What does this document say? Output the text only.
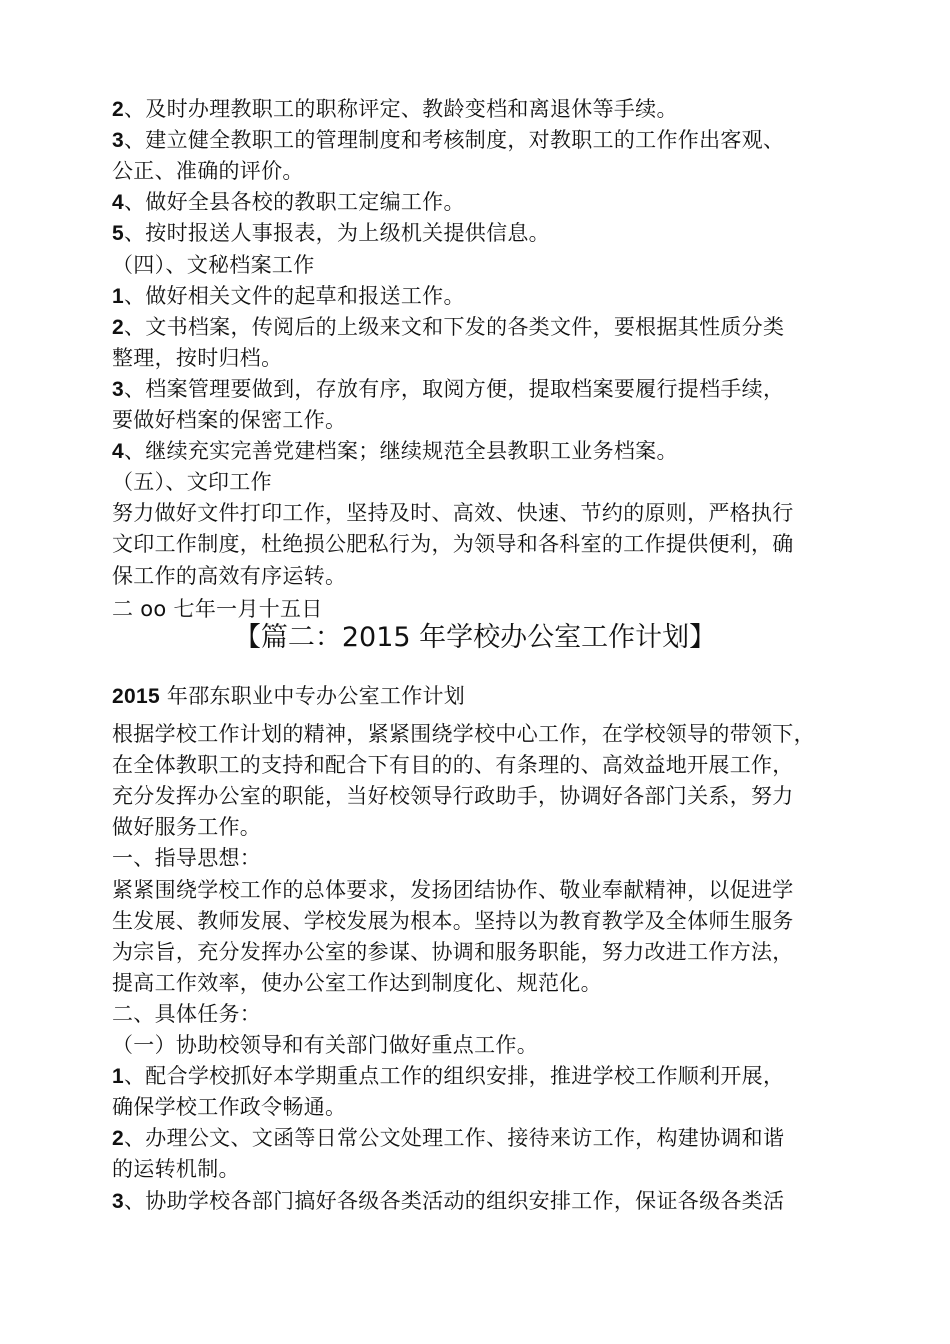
2、及时办理教职工的职称评定、教龄变档和离退休等手续。
3、建立健全教职工的管理制度和考核制度，对教职工的工作作出客观、
公正、准确的评价。
4、做好全县各校的教职工定编工作。
5、按时报送人事报表，为上级机关提供信息。
（四）、文秘档案工作
1、做好相关文件的起草和报送工作。
2、文书档案，传阅后的上级来文和下发的各类文件，要根据其性质分类
整理，按时归档。
3、档案管理要做到，存放有序，取阅方便，提取档案要履行提档手续，
要做好档案的保密工作。
4、继续充实完善党建档案；继续规范全县教职工业务档案。
（五）、文印工作
努力做好文件打印工作，坚持及时、高效、快速、节约的原则，严格执行
文印工作制度，杜绝损公肥私行为，为领导和各科室的工作提供便利，确
保工作的高效有序运转。
二 oo 七年一月十五日
【篇二：2015 年学校办公室工作计划】
2015 年邵东职业中专办公室工作计划
根据学校工作计划的精神，紧紧围绕学校中心工作，在学校领导的带领下，
在全体教职工的支持和配合下有目的的、有条理的、高效益地开展工作，
充分发挥办公室的职能，当好校领导行政助手，协调好各部门关系，努力
做好服务工作。
一、指导思想：
紧紧围绕学校工作的总体要求，发扬团结协作、敬业奉献精神，以促进学
生发展、教师发展、学校发展为根本。坚持以为教育教学及全体师生服务
为宗旨，充分发挥办公室的参谋、协调和服务职能，努力改进工作方法，
提高工作效率，使办公室工作达到制度化、规范化。
二、具体任务：
（一）协助校领导和有关部门做好重点工作。
1、配合学校抓好本学期重点工作的组织安排，推进学校工作顺利开展，
确保学校工作政令畅通。
2、办理公文、文函等日常公文处理工作、接待来访工作，构建协调和谐
的运转机制。
3、协助学校各部门搞好各级各类活动的组织安排工作，保证各级各类活
